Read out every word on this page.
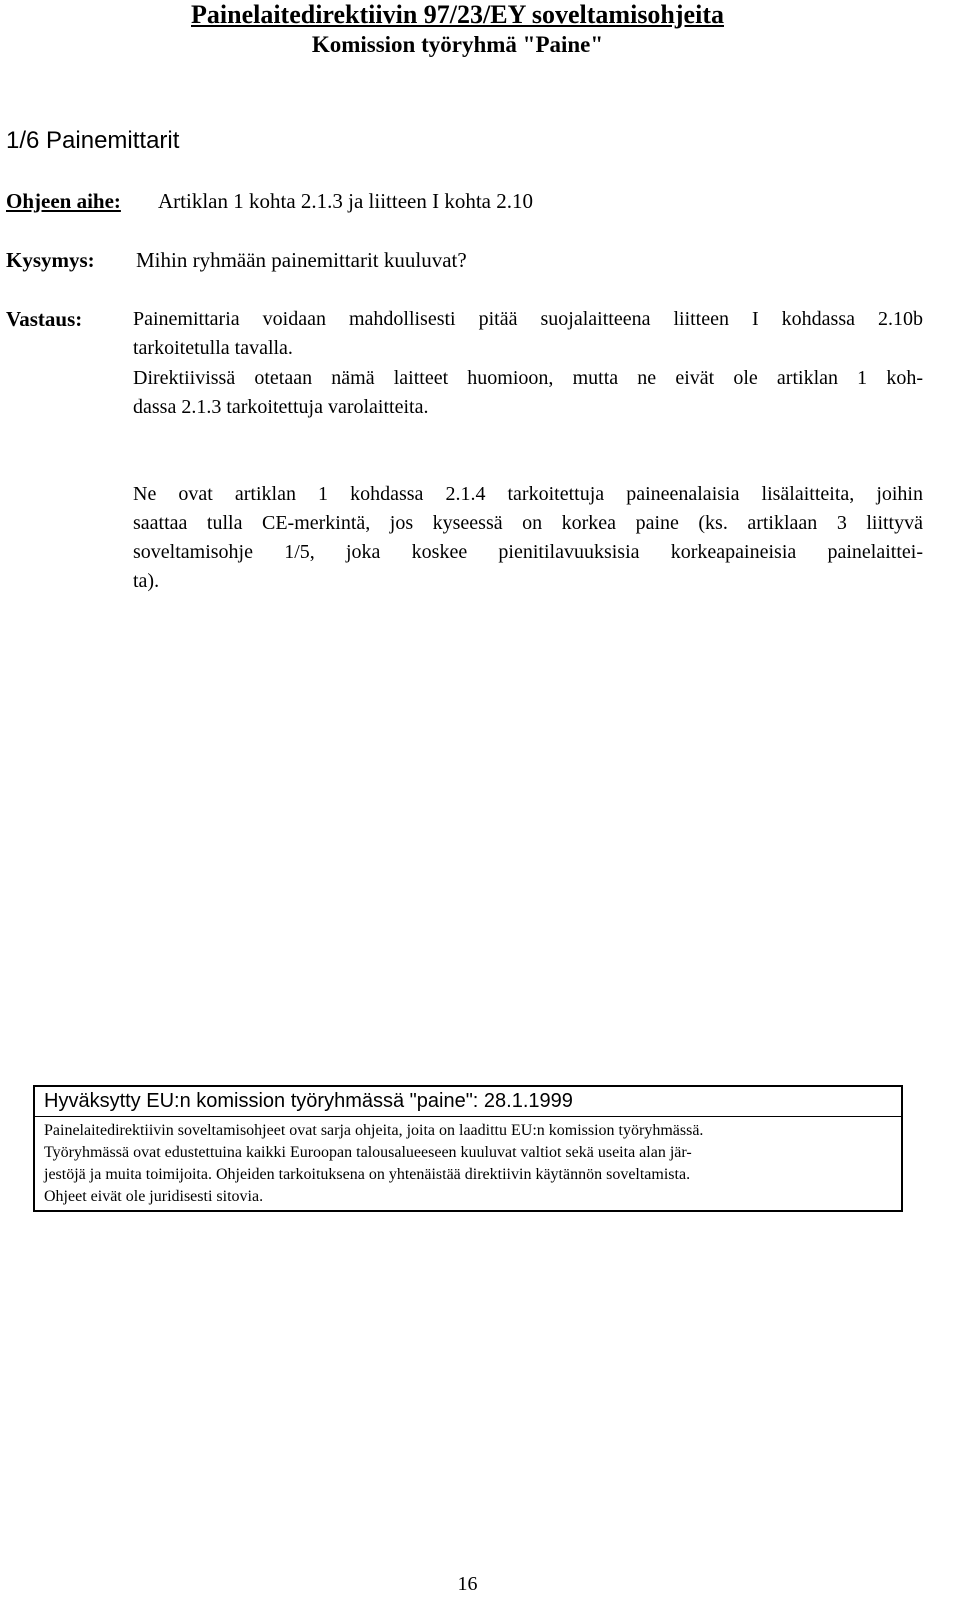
Painelaitedirektiivin 97/23/EY soveltamisohjeita
Komission työryhmä "Paine"
1/6 Painemittarit
Ohjeen aihe: Artiklan 1 kohta 2.1.3 ja liitteen I kohta 2.10
Kysymys: Mihin ryhmään painemittarit kuuluvat?
Vastaus:	Painemittaria voidaan mahdollisesti pitää suojalaitteena liitteen I kohdassa 2.10b
tarkoitetulla tavalla.
Direktiivissä otetaan nämä laitteet huomioon, mutta ne eivät ole artiklan 1 koh-
dassa 2.1.3 tarkoitettuja varolaitteita.
Ne ovat artiklan 1 kohdassa 2.1.4 tarkoitettuja paineenalaisia lisälaitteita, joihin
saattaa tulla CE-merkintä, jos kyseessä on korkea paine (ks. artiklaan 3 liittyvä
soveltamisohje 1/5, joka koskee pienitilavuuksisia korkeapaineisia painelaittei-
ta).
Hyväksytty EU:n komission työryhmässä "paine": 28.1.1999
Painelaitedirektiivin soveltamisohjeet ovat sarja ohjeita, joita on laadittu EU:n komission työryhmässä.
Työryhmässä ovat edustettuina kaikki Euroopan talousalueeseen kuuluvat valtiot sekä useita alan jär-
jestöjä ja muita toimijoita. Ohjeiden tarkoituksena on yhtenäistää direktiivin käytännön soveltamista.
Ohjeet eivät ole juridisesti sitovia.
16
